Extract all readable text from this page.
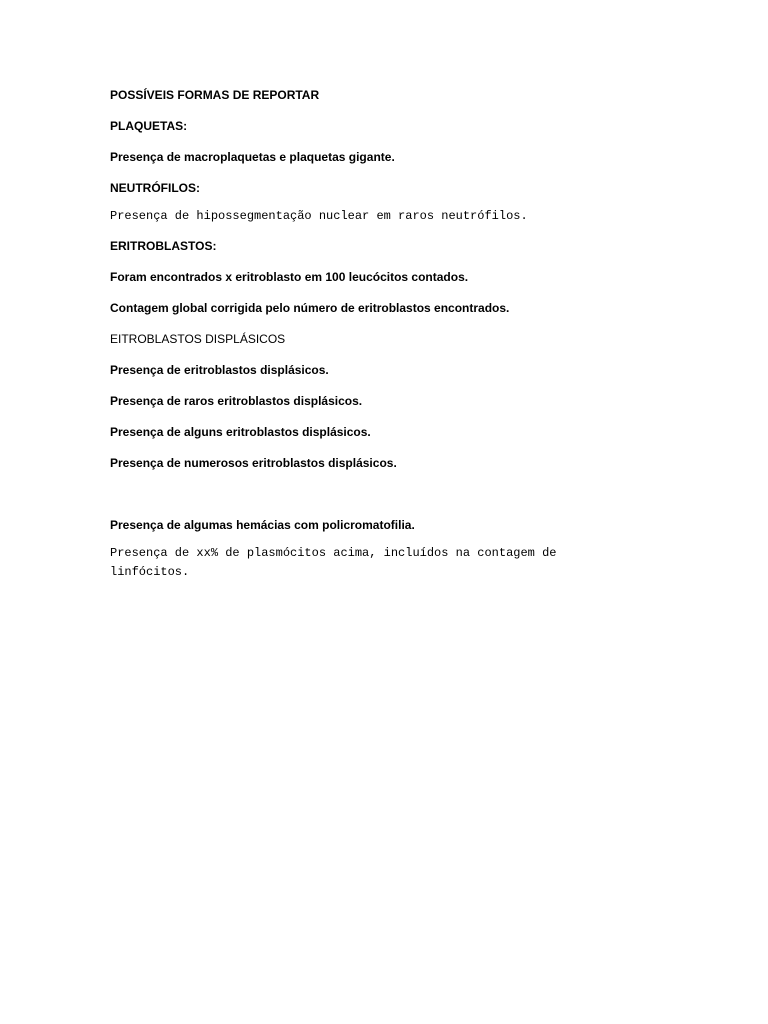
POSSÍVEIS FORMAS DE REPORTAR
PLAQUETAS:
Presença de macroplaquetas e plaquetas gigante.
NEUTRÓFILOS:
Presença de hipossegmentação nuclear em raros neutrófilos.
ERITROBLASTOS:
Foram encontrados x eritroblasto em 100 leucócitos contados.
Contagem global corrigida pelo número de eritroblastos encontrados.
EITROBLASTOS DISPLÁSICOS
Presença de eritroblastos displásicos.
Presença de raros eritroblastos displásicos.
Presença de alguns eritroblastos displásicos.
Presença de numerosos eritroblastos displásicos.
Presença de algumas hemácias com policromatofilia.
Presença de xx% de plasmócitos acima, incluídos na contagem de linfócitos.
